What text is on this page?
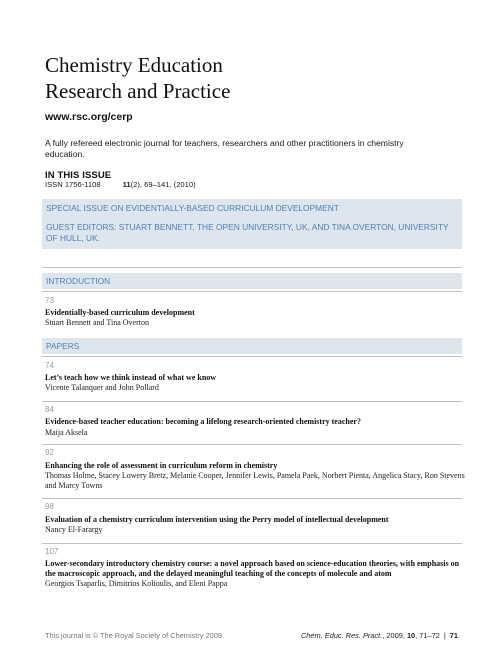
Chemistry Education
Research and Practice
www.rsc.org/cerp
A fully refereed electronic journal for teachers, researchers and other practitioners in chemistry education.
IN THIS ISSUE
ISSN 1756-1108	11(2), 69–141, (2010)
SPECIAL ISSUE ON EVIDENTIALLY-BASED CURRICULUM DEVELOPMENT
GUEST EDITORS: STUART BENNETT, THE OPEN UNIVERSITY, UK, AND TINA OVERTON, UNIVERSITY OF HULL, UK.
INTRODUCTION
73
Evidentially-based curriculum development
Stuart Bennett and Tina Overton
PAPERS
74
Let’s teach how we think instead of what we know
Vicente Talanquer and John Pollard
84
Evidence-based teacher education: becoming a lifelong research-oriented chemistry teacher?
Maija Aksela
92
Enhancing the role of assessment in curriculum reform in chemistry
Thomas Holme, Stacey Lowery Bretz, Melanie Cooper, Jennifer Lewis, Pamela Paek, Norbert Pienta, Angelica Stacy, Ron Stevens and Marcy Towns
98
Evaluation of a chemistry curriculum intervention using the Perry model of intellectual development
Nancy El-Farargy
107
Lower-secondary introductory chemistry course: a novel approach based on science-education theories, with emphasis on the macroscopic approach, and the delayed meaningful teaching of the concepts of molecule and atom
Georgios Tsaparlis, Dimitrios Kolioulis, and Eleni Pappa
This journal is © The Royal Society of Chemistry 2009	Chem. Educ. Res. Pract., 2009, 10, 71–72 | 71
